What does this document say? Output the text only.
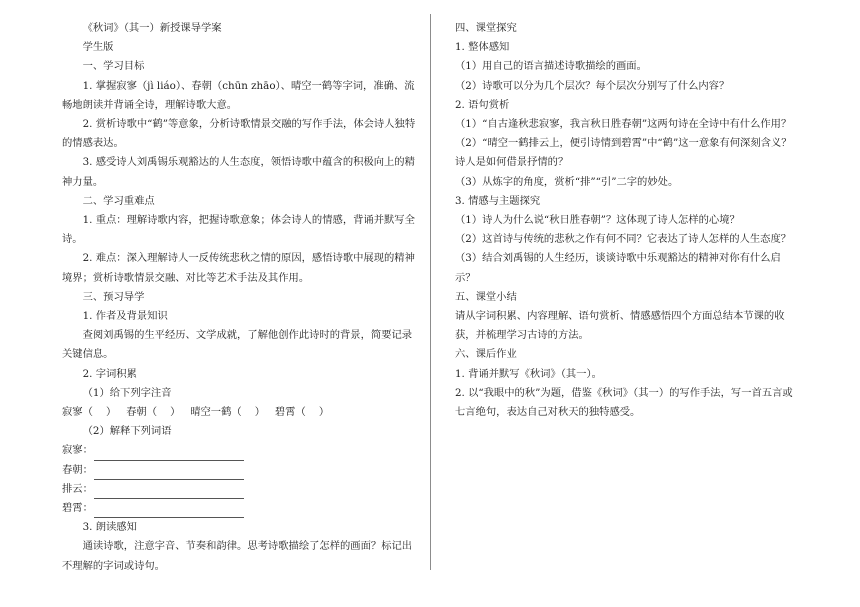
《秋词》（其一）新授课导学案

学生版

一、学习目标

1. 掌握寂寥（jì liáo）、春朝（chūn zhāo）、晴空一鹤等字词，准确、流畅地朗读并背诵全诗，理解诗歌大意。

2. 赏析诗歌中“鹤”等意象，分析诗歌情景交融的写作手法，体会诗人独特的情感表达。

3. 感受诗人刘禹锡乐观豁达的人生态度，领悟诗歌中蕴含的积极向上的精神力量。

二、学习重难点

1. 重点：理解诗歌内容，把握诗歌意象；体会诗人的情感，背诵并默写全诗。

2. 难点：深入理解诗人一反传统悲秋之情的原因，感悟诗歌中展现的精神境界；赏析诗歌情景交融、对比等艺术手法及其作用。

三、预习导学

1. 作者及背景知识

查阅刘禹锡的生平经历、文学成就，了解他创作此诗时的背景，简要记录关键信息。

2. 字词积累

（1）给下列字注音

寂寥（    ）   春朝（    ）   晴空一鹤（    ）   碧霄（    ）

（2）解释下列词语

寂寥：

春朝：

排云：

碧霄：

3. 朗读感知

通读诗歌，注意字音、节奏和韵律。思考诗歌描绘了怎样的画面？标记出不理解的字词或诗句。

四、课堂探究

1. 整体感知

（1）用自己的语言描述诗歌描绘的画面。

（2）诗歌可以分为几个层次？每个层次分别写了什么内容？

2. 语句赏析

（1）“自古逢秋悲寂寥，我言秋日胜春朝”这两句诗在全诗中有什么作用？

（2）“晴空一鹤排云上，便引诗情到碧霄”中“鹤”这一意象有何深刻含义？诗人是如何借景抒情的？

（3）从炼字的角度，赏析“排”“引”二字的妙处。

3. 情感与主题探究

（1）诗人为什么说“秋日胜春朝”？这体现了诗人怎样的心境？

（2）这首诗与传统的悲秋之作有何不同？它表达了诗人怎样的人生态度？

（3）结合刘禹锡的人生经历，谈谈诗歌中乐观豁达的精神对你有什么启示？

五、课堂小结

请从字词积累、内容理解、语句赏析、情感感悟四个方面总结本节课的收获，并梳理学习古诗的方法。

六、课后作业

1. 背诵并默写《秋词》（其一）。

2. 以“我眼中的秋”为题，借鉴《秋词》（其一）的写作手法，写一首五言或七言绝句，表达自己对秋天的独特感受。
